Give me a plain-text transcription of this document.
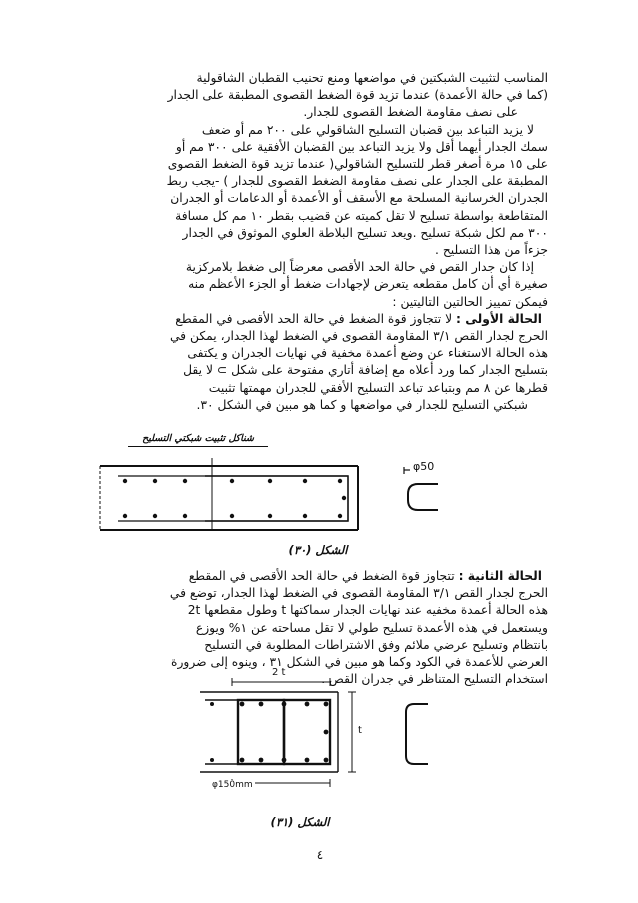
المناسب لتثبيت الشبكتين في مواضعها ومنع تحنيب القطبان الشاقولية

(كما في حالة الأعمدة) عندما تزيد قوة الضغط القصوى المطبقة على الجدار

على نصف مقاومة الضغط القصوى للجدار.

لا يزيد التباعد بين قضبان التسليح الشاقولي على ٢٠٠ مم أو ضعف

سمك الجدار أيهما أقل ولا يزيد التباعد بين القضبان الأفقية على ٣٠٠ مم أو

على ١٥ مرة أصغر قطر للتسليح الشاقولي( عندما تزيد قوة الضغط القصوى

المطبقة على الجدار على نصف مقاومة الضغط القصوى للجدار ) -يجب ربط

الجدران الخرسانية المسلحة مع الأسقف أو الأعمدة أو الدعامات أو الجدران

المتقاطعة بواسطة تسليح لا تقل كميته عن قضيب بقطر ١٠ مم كل مسافة

٣٠٠ مم لكل شبكة تسليح .ويعد تسليح البلاطة العلوي الموثوق في الجدار

جزءاً من هذا التسليح .

إذا كان جدار القص في حالة الحد الأقصى معرضاً إلى ضغط بلامركزية

صغيرة أي أن كامل مقطعه يتعرض لإجهادات ضغط أو الجزء الأعظم منه

فيمكن تمييز الحالتين التاليتين :

الحالة الأولى : لا تتجاوز قوة الضغط في حالة الحد الأقصى في المقطع

الحرج لجدار القص ٣/١ المقاومة القصوى في الضغط لهذا الجدار، يمكن في

هذه الحالة الاستغناء عن وضع أعمدة مخفية في نهايات الجدران و يكتفى

بتسليح الجدار كما ورد أعلاه مع إضافة أتاري مفتوحة على شكل ⊃ لا يقل

قطرها عن ٨ مم وبتباعد تباعد التسليح الأفقي للجدران مهمتها تثبيت

شبكتي التسليح للجدار في مواضعها و كما هو مبين في الشكل ٣٠.

شناكل تثبيت شبكتي التسليح
φ50
الشكل (٣٠)

الحالة الثانية : تتجاوز قوة الضغط في حالة الحد الأقصى في المقطع

الحرج لجدار القص ٣/١ المقاومة القصوى في الضغط لهذا الجدار، توضع في

هذه الحالة أعمدة مخفيه عند نهايات الجدار سماكتها t وطول مقطعها 2t

ويستعمل في هذه الأعمدة تسليح طولي لا تقل مساحته عن ١% ويوزع

بانتظام وتسليح عرضي ملائم وفق الاشتراطات المطلوبة في التسليح

العرضي للأعمدة في الكود وكما هو مبين في الشكل ٣١ ، وينوه إلى ضرورة

استخدام التسليح المتناظر في جدران القص .

2 t
t
φ150mm
الشكل (٣١)
٤
